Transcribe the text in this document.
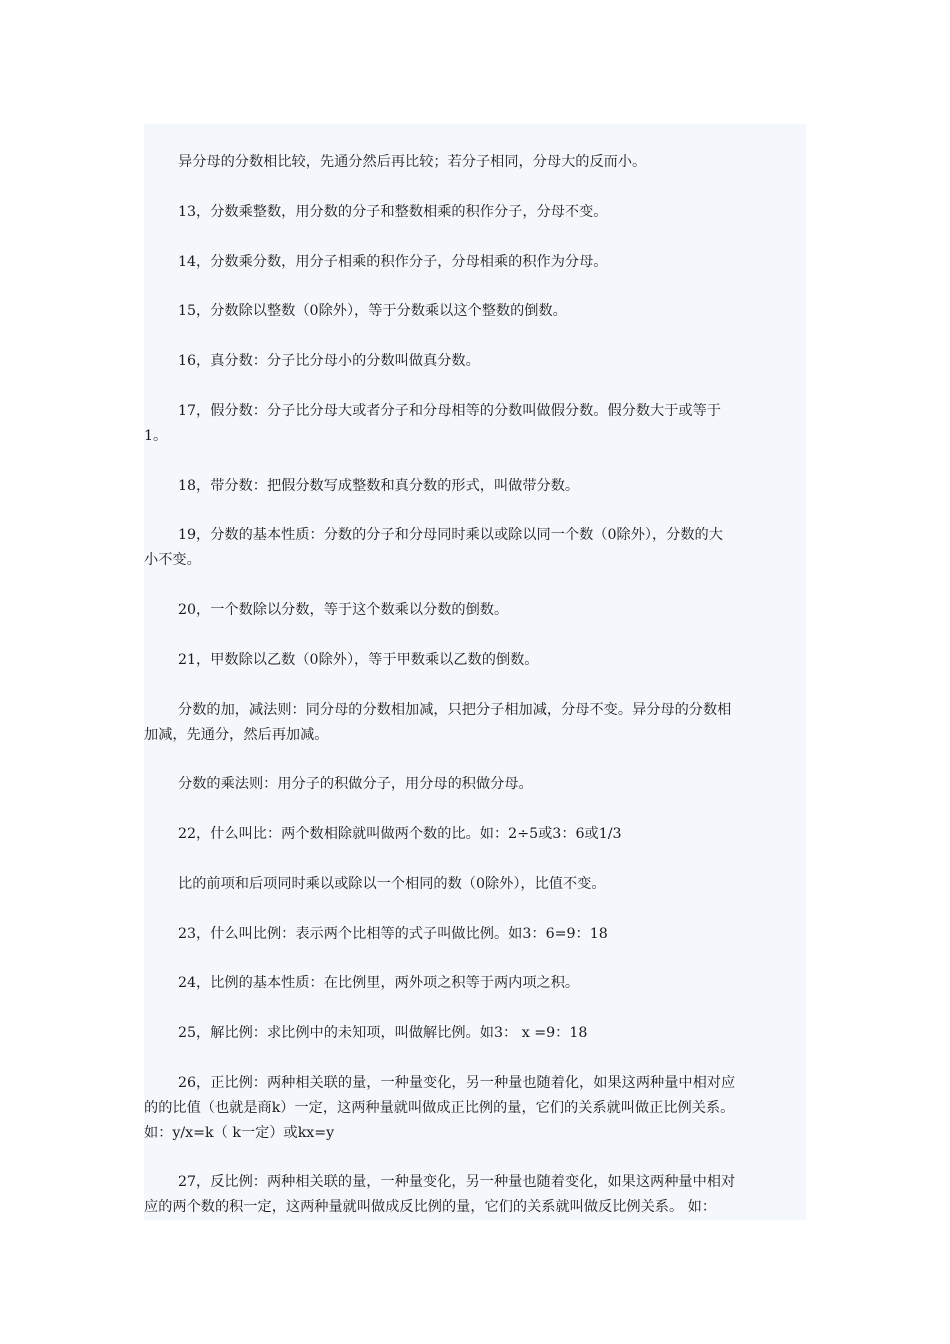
异分母的分数相比较，先通分然后再比较；若分子相同，分母大的反而小。

13，分数乘整数，用分数的分子和整数相乘的积作分子，分母不变。

14，分数乘分数，用分子相乘的积作分子，分母相乘的积作为分母。

15，分数除以整数（0除外），等于分数乘以这个整数的倒数。

16，真分数：分子比分母小的分数叫做真分数。

17，假分数：分子比分母大或者分子和分母相等的分数叫做假分数。假分数大于或等于
1。

18，带分数：把假分数写成整数和真分数的形式，叫做带分数。

19，分数的基本性质：分数的分子和分母同时乘以或除以同一个数（0除外），分数的大
小不变。

20，一个数除以分数，等于这个数乘以分数的倒数。

21，甲数除以乙数（0除外），等于甲数乘以乙数的倒数。

分数的加，减法则：同分母的分数相加减，只把分子相加减，分母不变。异分母的分数相
加减，先通分，然后再加减。

分数的乘法则：用分子的积做分子，用分母的积做分母。

22，什么叫比：两个数相除就叫做两个数的比。如：2÷5或3：6或1/3

比的前项和后项同时乘以或除以一个相同的数（0除外），比值不变。

23，什么叫比例：表示两个比相等的式子叫做比例。如3：6=9：18

24，比例的基本性质：在比例里，两外项之积等于两内项之积。

25，解比例：求比例中的未知项，叫做解比例。如3： x =9：18

26，正比例：两种相关联的量，一种量变化，另一种量也随着化，如果这两种量中相对应
的的比值（也就是商k）一定，这两种量就叫做成正比例的量，它们的关系就叫做正比例关系。
如：y/x=k（ k一定）或kx=y

27，反比例：两种相关联的量，一种量变化，另一种量也随着变化，如果这两种量中相对
应的两个数的积一定，这两种量就叫做成反比例的量，它们的关系就叫做反比例关系。 如：
